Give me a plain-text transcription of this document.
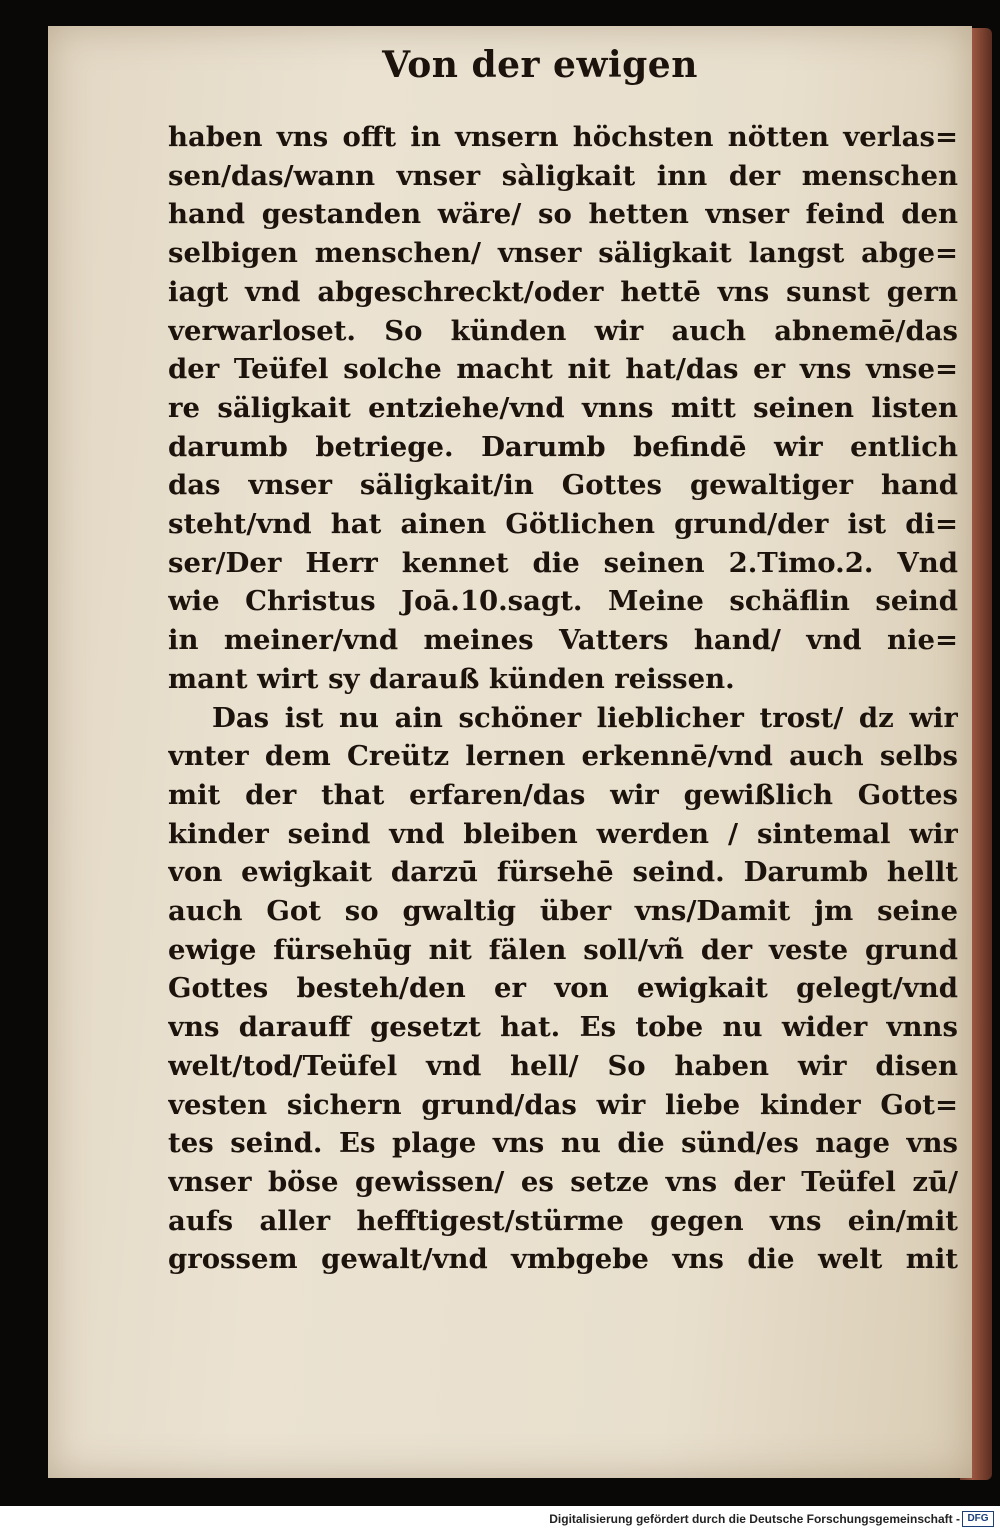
Von der ewigen
haben vns offt in vnsern höchsten nötten verlas=
sen/das/wann vnser sàligkait inn der menschen
hand gestanden wäre/ so hetten vnser feind den
selbigen menschen/ vnser säligkait langst abge=
iagt vnd abgeschreckt/oder hettē vns sunst gern
verwarloset. So künden wir auch abnemē/das
der Teüfel solche macht nit hat/das er vns vnse=
re säligkait entziehe/vnd vnns mitt seinen listen
darumb betriege. Darumb befindē wir entlich
das vnser säligkait/in Gottes gewaltiger hand
steht/vnd hat ainen Götlichen grund/der ist di=
ser/Der Herr kennet die seinen 2.Timo.2. Vnd
wie Christus Joā.10.sagt. Meine schäflin seind
in meiner/vnd meines Vatters hand/ vnd nie=
mant wirt sy darauß künden reissen.
Das ist nu ain schöner lieblicher trost/ dz wir
vnter dem Creütz lernen erkennē/vnd auch selbs
mit der that erfaren/das wir gewißlich Gottes
kinder seind vnd bleiben werden / sintemal wir
von ewigkait darzū fürsehē seind. Darumb hellt
auch Got so gwaltig über vns/Damit jm seine
ewige fürsehūg nit fälen soll/vñ der veste grund
Gottes besteh/den er von ewigkait gelegt/vnd
vns darauff gesetzt hat. Es tobe nu wider vnns
welt/tod/Teüfel vnd hell/ So haben wir disen
vesten sichern grund/das wir liebe kinder Got=
tes seind. Es plage vns nu die sünd/es nage vns
vnser böse gewissen/ es setze vns der Teüfel zū/
aufs aller hefftigest/stürme gegen vns ein/mit
grossem gewalt/vnd vmbgebe vns die welt mit
Digitalisierung gefördert durch die Deutsche Forschungsgemeinschaft - DFG
